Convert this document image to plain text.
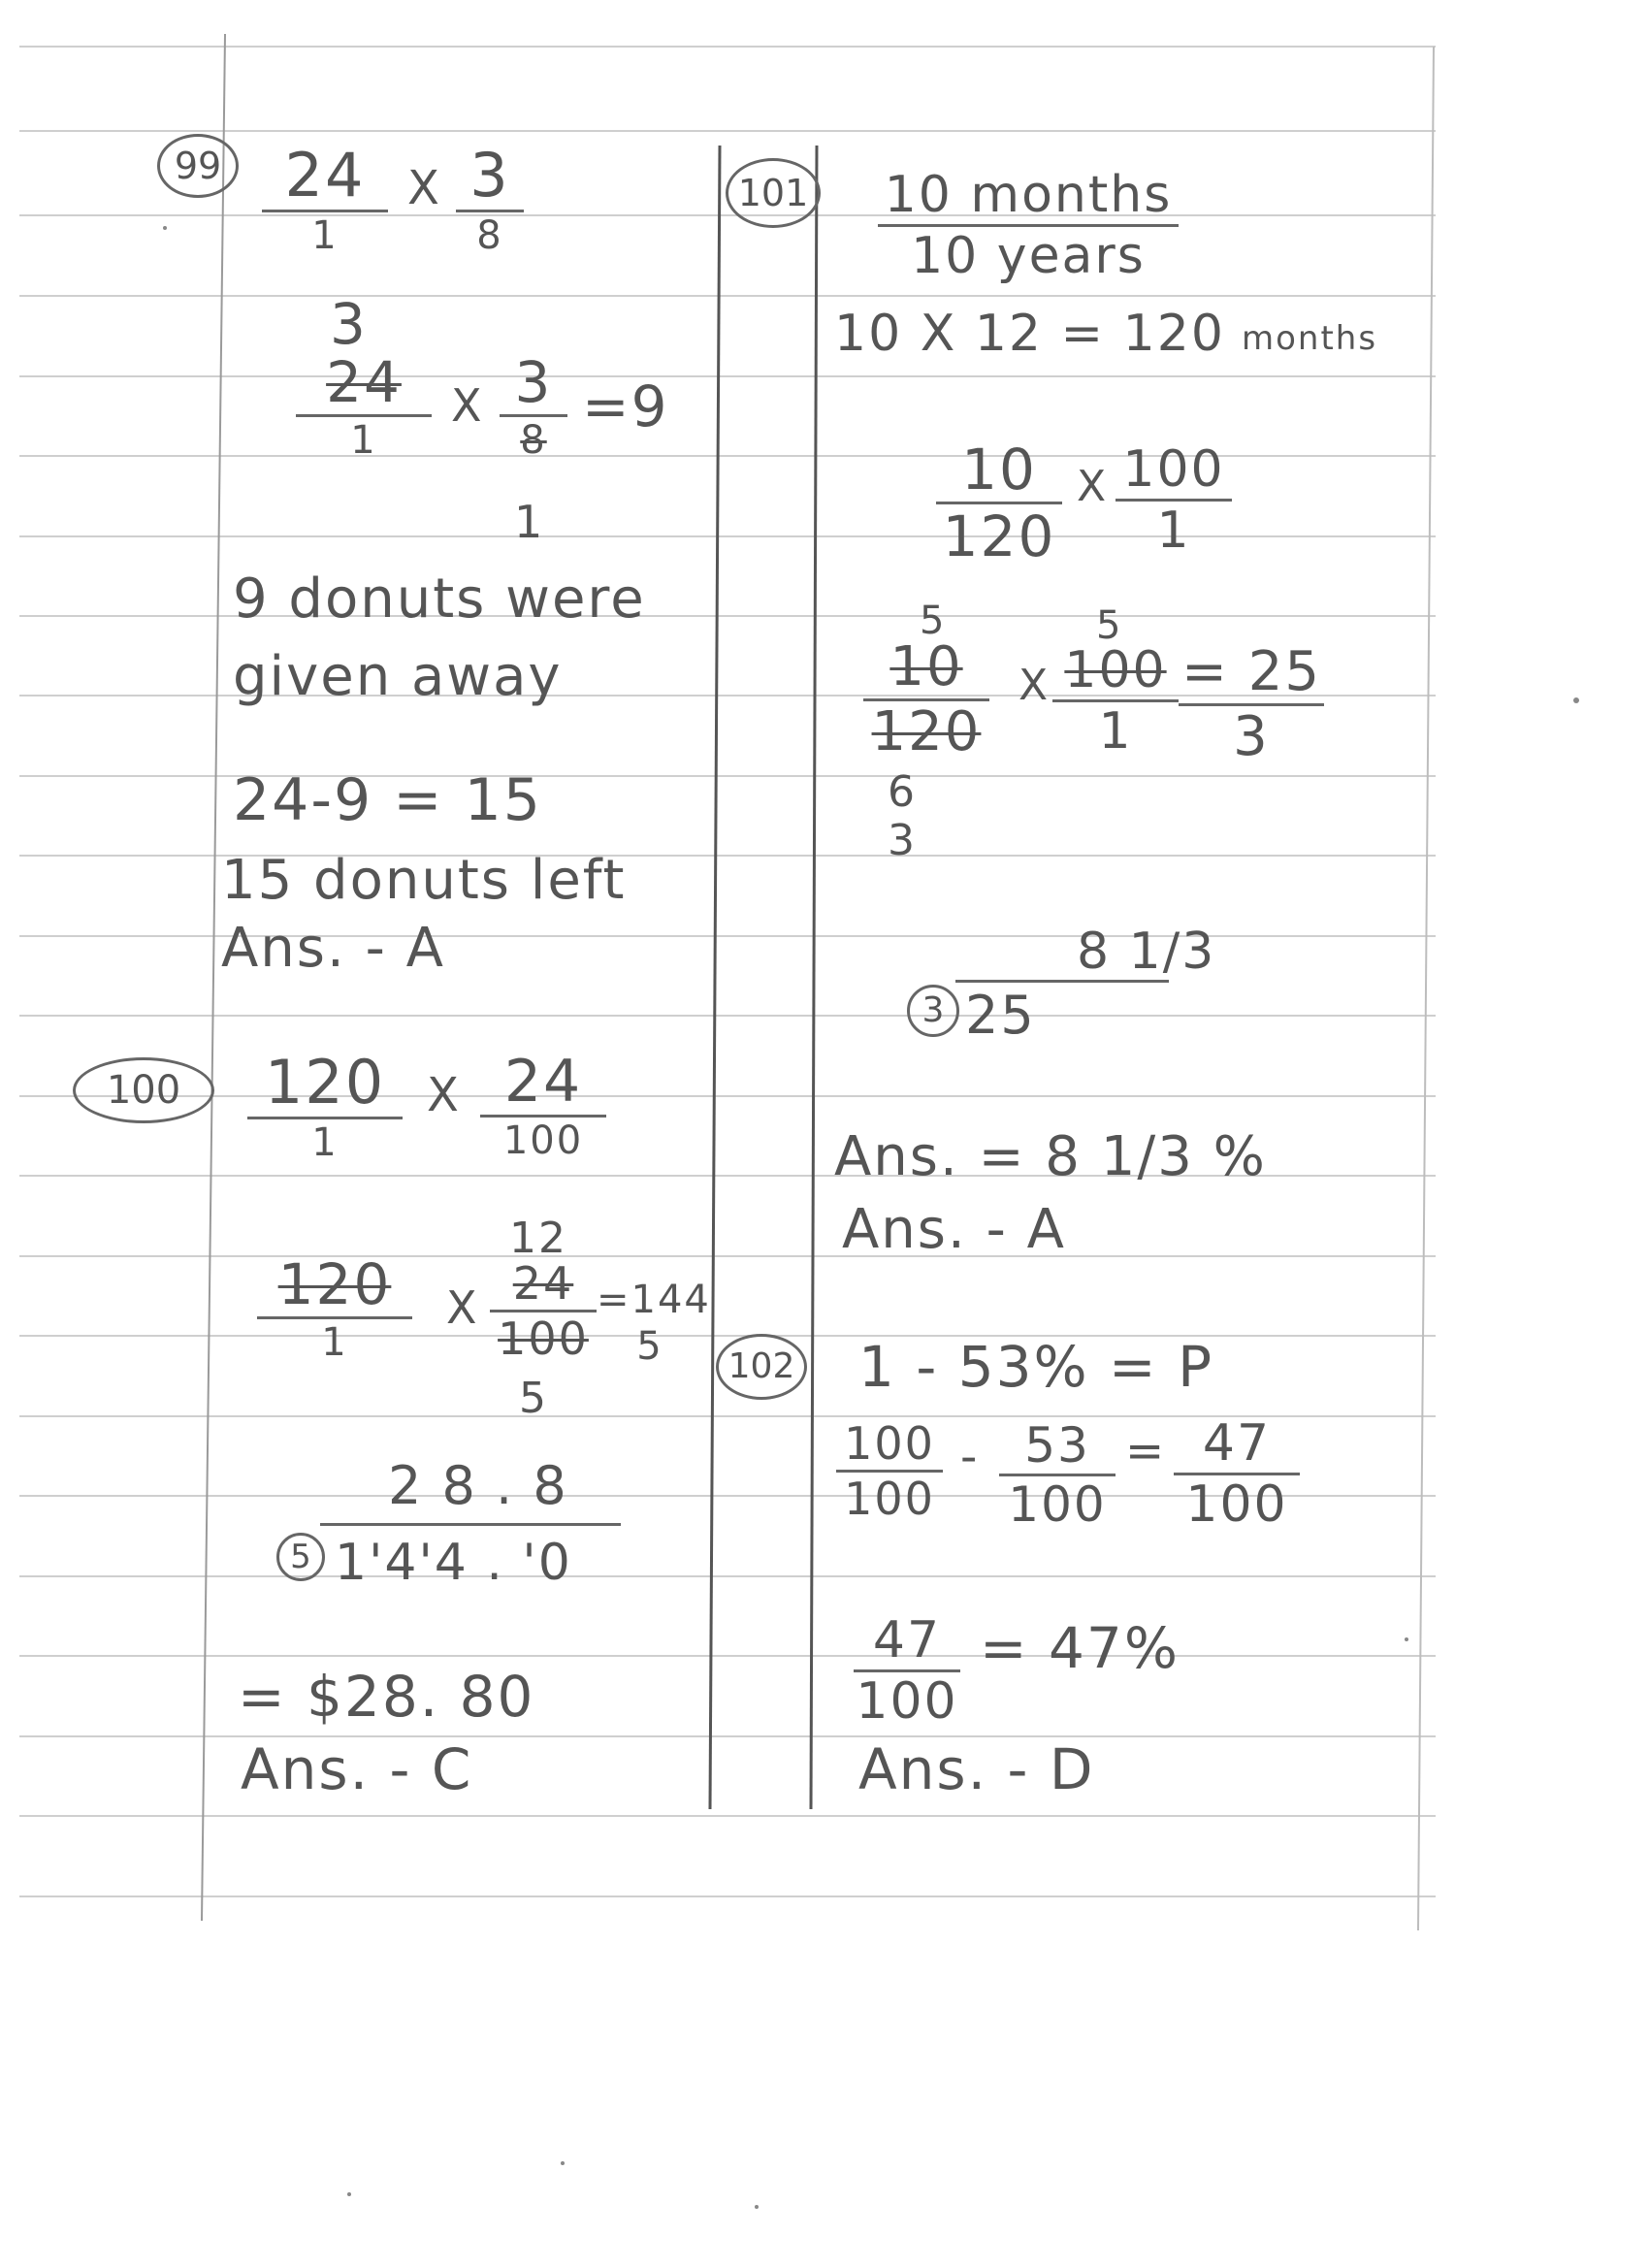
99	24
1
X 3
8
3
24
1
X 3
8
1
=9
9 donuts were
given away
24-9 = 15
15 donuts left
Ans. - A
100	120
1
X 24
100
120
1
X
12
24
100
5
=144
5
2 8 . 8
5 1'4'4 . '0
= $28. 80
Ans. - C
101 10 months
10 years
10 X 12 = 120 months
10
120
X 100
1
5
10
120
6
3
X
5
100
1
= 25
3
8 1/3
3 25
Ans. = 8 1/3 %
Ans. - A
102 1 - 53% = P
100
100
- 53
100
= 47
100
47
100
= 47%
Ans. - D
